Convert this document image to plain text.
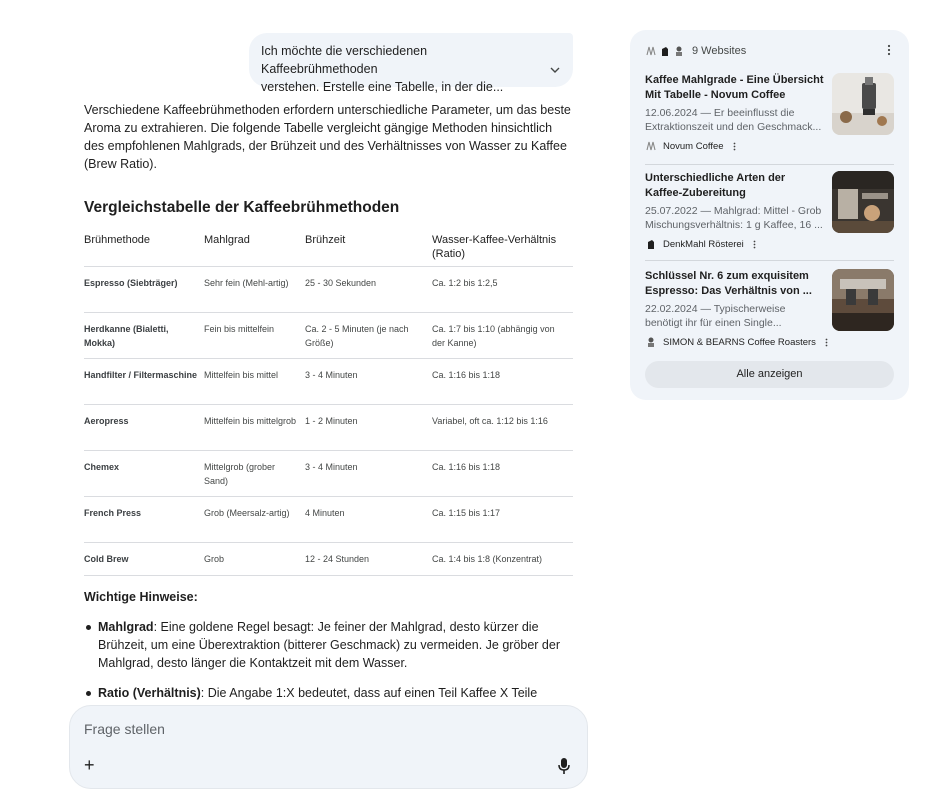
Ich möchte die verschiedenen Kaffeebrühmethoden
verstehen. Erstelle eine Tabelle, in der die...

Verschiedene Kaffeebrühmethoden erfordern unterschiedliche Parameter, um das beste Aroma zu extrahieren. Die folgende Tabelle vergleicht gängige Methoden hinsichtlich des empfohlenen Mahlgrads, der Brühzeit und des Verhältnisses von Wasser zu Kaffee (Brew Ratio).

Vergleichstabelle der Kaffeebrühmethoden
Brühmethode	Mahlgrad	Brühzeit	Wasser-Kaffee-Verhältnis (Ratio)
Espresso (Siebträger)	Sehr fein (Mehl-artig)	25 - 30 Sekunden	Ca. 1:2 bis 1:2,5
Herdkanne (Bialetti, Mokka)	Fein bis mittelfein	Ca. 2 - 5 Minuten (je nach Größe)	Ca. 1:7 bis 1:10 (abhängig von der Kanne)
Handfilter / Filtermaschine	Mittelfein bis mittel	3 - 4 Minuten	Ca. 1:16 bis 1:18
Aeropress	Mittelfein bis mittelgrob	1 - 2 Minuten	Variabel, oft ca. 1:12 bis 1:16
Chemex	Mittelgrob (grober Sand)	3 - 4 Minuten	Ca. 1:16 bis 1:18
French Press	Grob (Meersalz-artig)	4 Minuten	Ca. 1:15 bis 1:17
Cold Brew	Grob	12 - 24 Stunden	Ca. 1:4 bis 1:8 (Konzentrat)
Wichtige Hinweise:
Mahlgrad: Eine goldene Regel besagt: Je feiner der Mahlgrad, desto kürzer die Brühzeit, um eine Überextraktion (bitterer Geschmack) zu vermeiden. Je gröber der Mahlgrad, desto länger die Kontaktzeit mit dem Wasser.
Ratio (Verhältnis): Die Angabe 1:X bedeutet, dass auf einen Teil Kaffee X Teile
Frage stellen
+
9 Websites
Kaffee Mahlgrade - Eine Übersicht Mit Tabelle - Novum Coffee
12.06.2024 — Er beeinflusst die Extraktionszeit und den Geschmack...
Novum Coffee
Unterschiedliche Arten der Kaffee-Zubereitung
25.07.2022 — Mahlgrad: Mittel - Grob Mischungsverhältnis: 1 g Kaffee, 16 ...
DenkMahl Rösterei
Schlüssel Nr. 6 zum exquisitem Espresso: Das Verhältnis von ...
22.02.2024 — Typischerweise benötigt ihr für einen Single...
SIMON & BEARNS Coffee Roasters
Alle anzeigen
